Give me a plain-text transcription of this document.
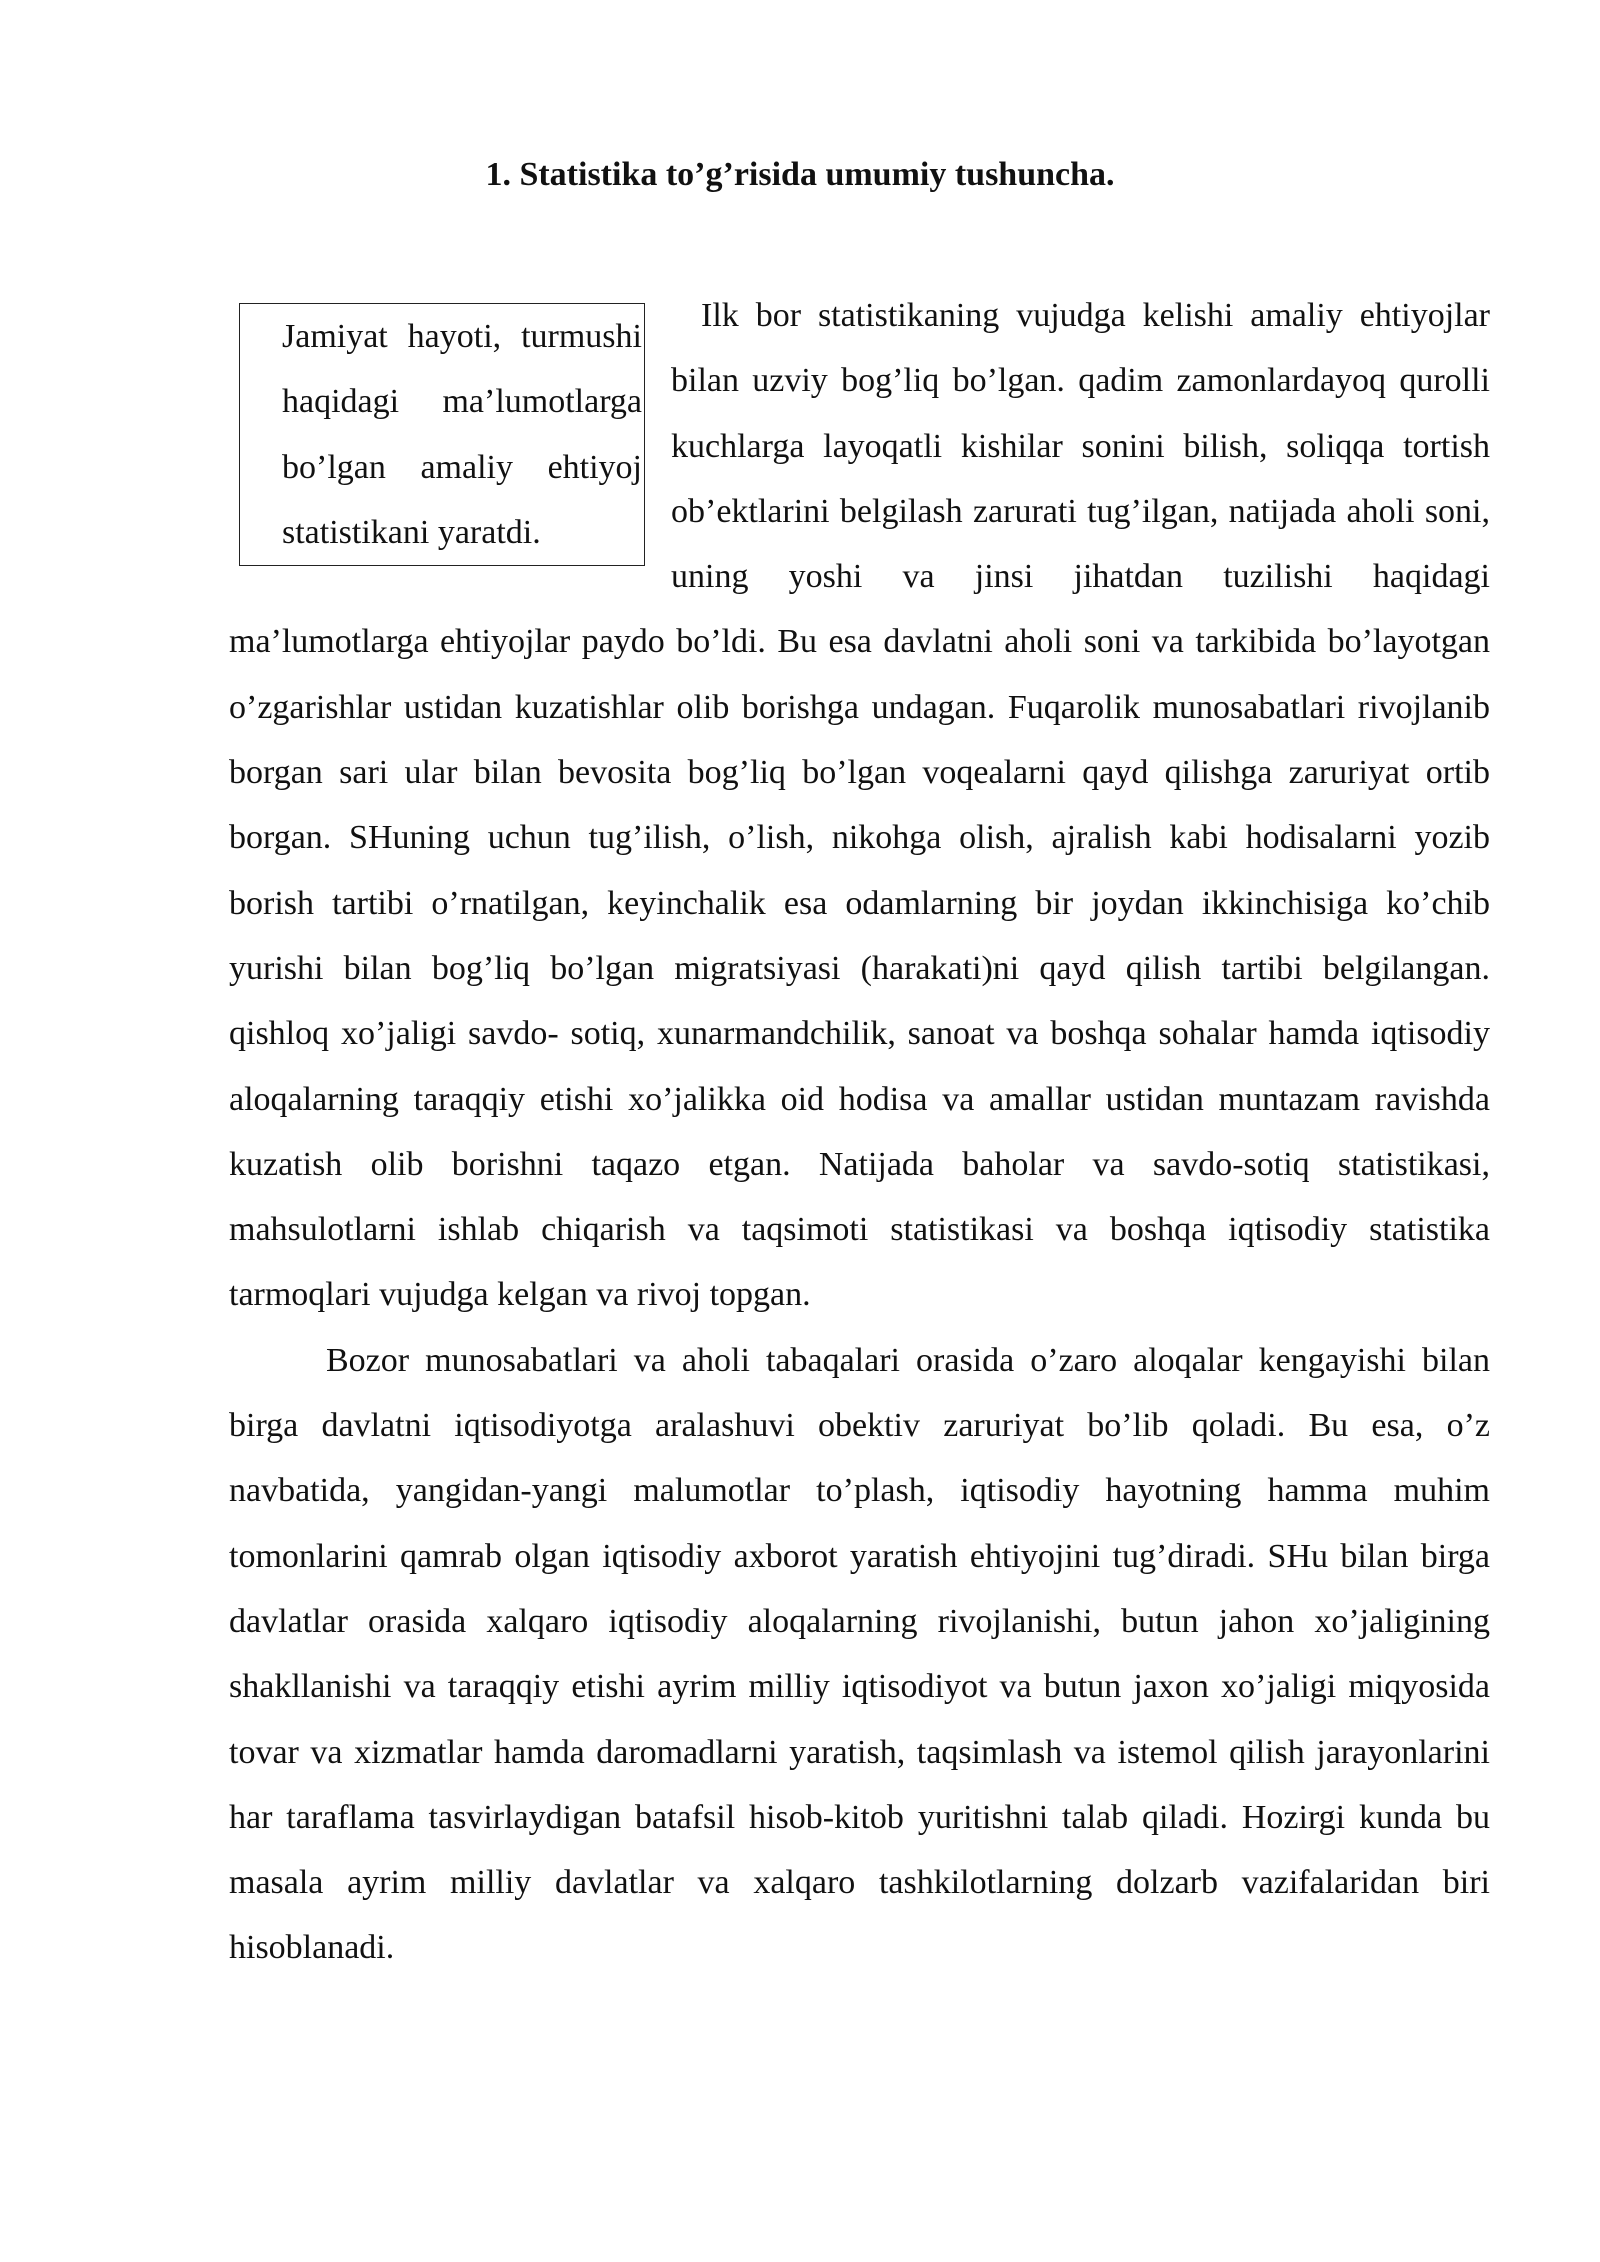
1. Statistika to’g’risida umumiy tushuncha.
Jamiyat hayoti, turmushi haqidagi ma’lumotlarga bo’lgan amaliy ehtiyoj statistikani yaratdi.

Ilk bor statistikaning vujudga kelishi amaliy ehtiyojlar bilan uzviy bog’liq bo’lgan. qadim zamonlardayoq qurolli kuchlarga layoqatli kishilar sonini bilish, soliqqa tortish ob’ektlarini belgilash zarurati tug’ilgan, natijada aholi soni, uning yoshi va jinsi jihatdan tuzilishi haqidagi ma’lumotlarga ehtiyojlar paydo bo’ldi. Bu esa davlatni aholi soni va tarkibida bo’layotgan o’zgarishlar ustidan kuzatishlar olib borishga undagan. Fuqarolik munosabatlari rivojlanib borgan sari ular bilan bevosita bog’liq bo’lgan voqealarni qayd qilishga zaruriyat ortib borgan. SHuning uchun tug’ilish, o’lish, nikohga olish, ajralish kabi hodisalarni yozib borish tartibi o’rnatilgan, keyinchalik esa odamlarning bir joydan ikkinchisiga ko’chib yurishi bilan bog’liq bo’lgan migratsiyasi (harakati)ni qayd qilish tartibi belgilangan. qishloq xo’jaligi savdo- sotiq, xunarmandchilik, sanoat va boshqa sohalar hamda iqtisodiy aloqalarning taraqqiy etishi xo’jalikka oid hodisa va amallar ustidan muntazam ravishda kuzatish olib borishni taqazo etgan. Natijada baholar va savdo-sotiq statistikasi, mahsulotlarni ishlab chiqarish va taqsimoti statistikasi va boshqa iqtisodiy statistika tarmoqlari vujudga kelgan va rivoj topgan.

Bozor munosabatlari va aholi tabaqalari orasida o’zaro aloqalar kengayishi bilan birga davlatni iqtisodiyotga aralashuvi obektiv zaruriyat bo’lib qoladi. Bu esa, o’z navbatida, yangidan-yangi malumotlar to’plash, iqtisodiy hayotning hamma muhim tomonlarini qamrab olgan iqtisodiy axborot yaratish ehtiyojini tug’diradi. SHu bilan birga davlatlar orasida xalqaro iqtisodiy aloqalarning rivojlanishi, butun jahon xo’jaligining shakllanishi va taraqqiy etishi ayrim milliy iqtisodiyot va butun jaxon xo’jaligi miqyosida tovar va xizmatlar hamda daromadlarni yaratish, taqsimlash va istemol qilish jarayonlarini har taraflama tasvirlaydigan batafsil hisob-kitob yuritishni talab qiladi. Hozirgi kunda bu masala ayrim milliy davlatlar va xalqaro tashkilotlarning dolzarb vazifalaridan biri hisoblanadi.
